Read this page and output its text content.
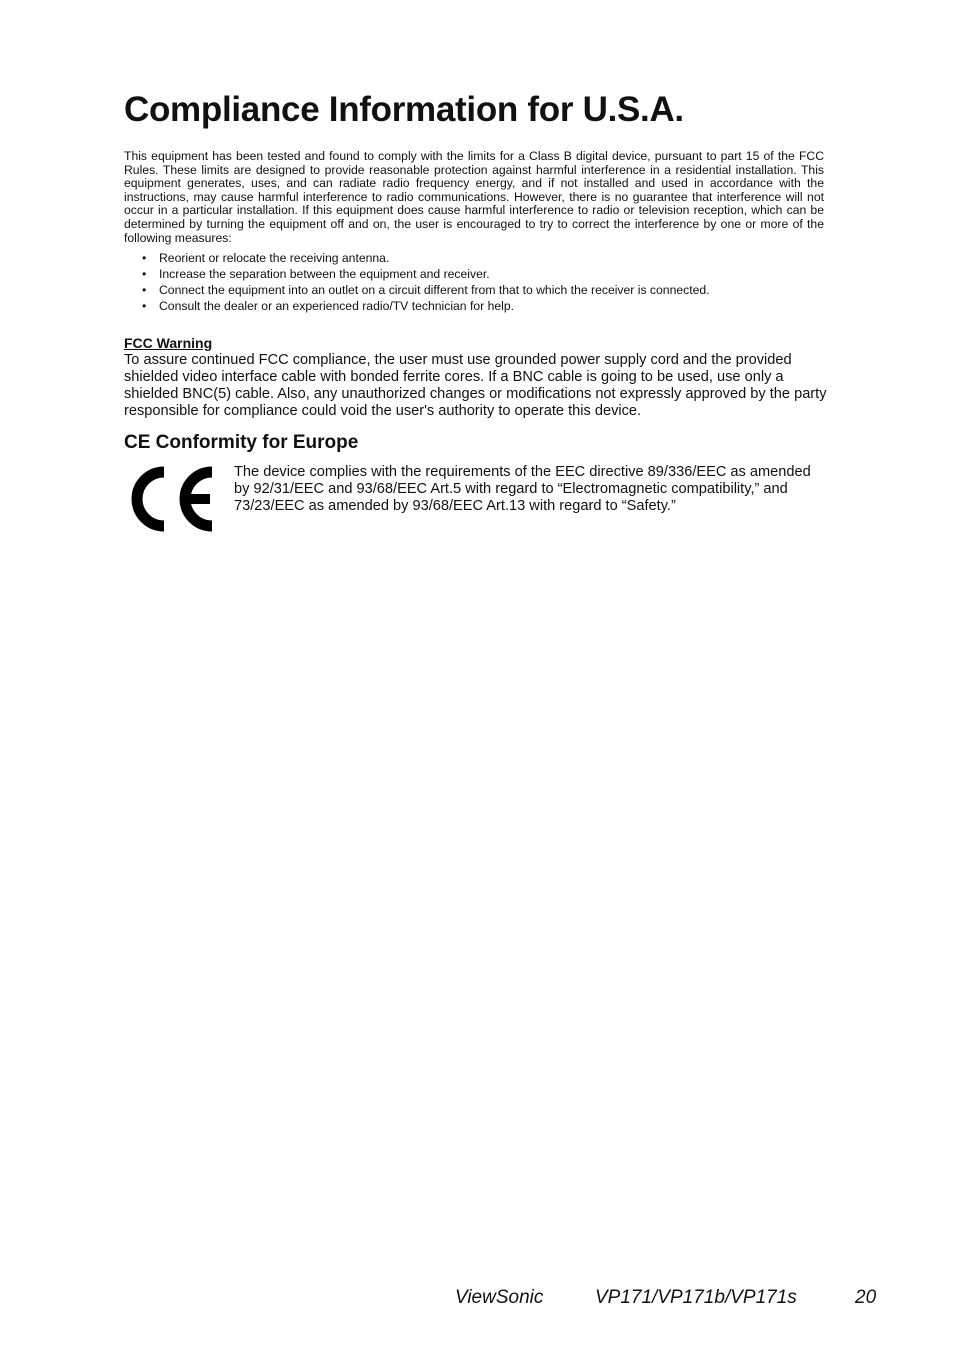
Compliance Information for U.S.A.

This equipment has been tested and found to comply with the limits for a Class B digital device, pursuant to part 15 of the FCC Rules. These limits are designed to provide reasonable protection against harmful interference in a residential installation. This equipment generates, uses, and can radiate radio frequency energy, and if not installed and used in accordance with the instructions, may cause harmful interference to radio communications. However, there is no guarantee that interference will not occur in a particular installation. If this equipment does cause harmful interference to radio or television reception, which can be determined by turning the equipment off and on, the user is encouraged to try to correct the interference by one or more of the following measures:

• Reorient or relocate the receiving antenna.
• Increase the separation between the equipment and receiver.
• Connect the equipment into an outlet on a circuit different from that to which the receiver is connected.
• Consult the dealer or an experienced radio/TV technician for help.
FCC Warning

To assure continued FCC compliance, the user must use grounded power supply cord and the provided shielded video interface cable with bonded ferrite cores. If a BNC cable is going to be used, use only a shielded BNC(5) cable. Also, any unauthorized changes or modifications not expressly approved by the party responsible for compliance could void the user's authority to operate this device.

CE Conformity for Europe

The device complies with the requirements of the EEC directive 89/336/EEC as amended by 92/31/EEC and 93/68/EEC Art.5 with regard to “Electromagnetic compatibility,” and 73/23/EEC as amended by 93/68/EEC Art.13 with regard to “Safety.”

ViewSonic	VP171/VP171b/VP171s	20
